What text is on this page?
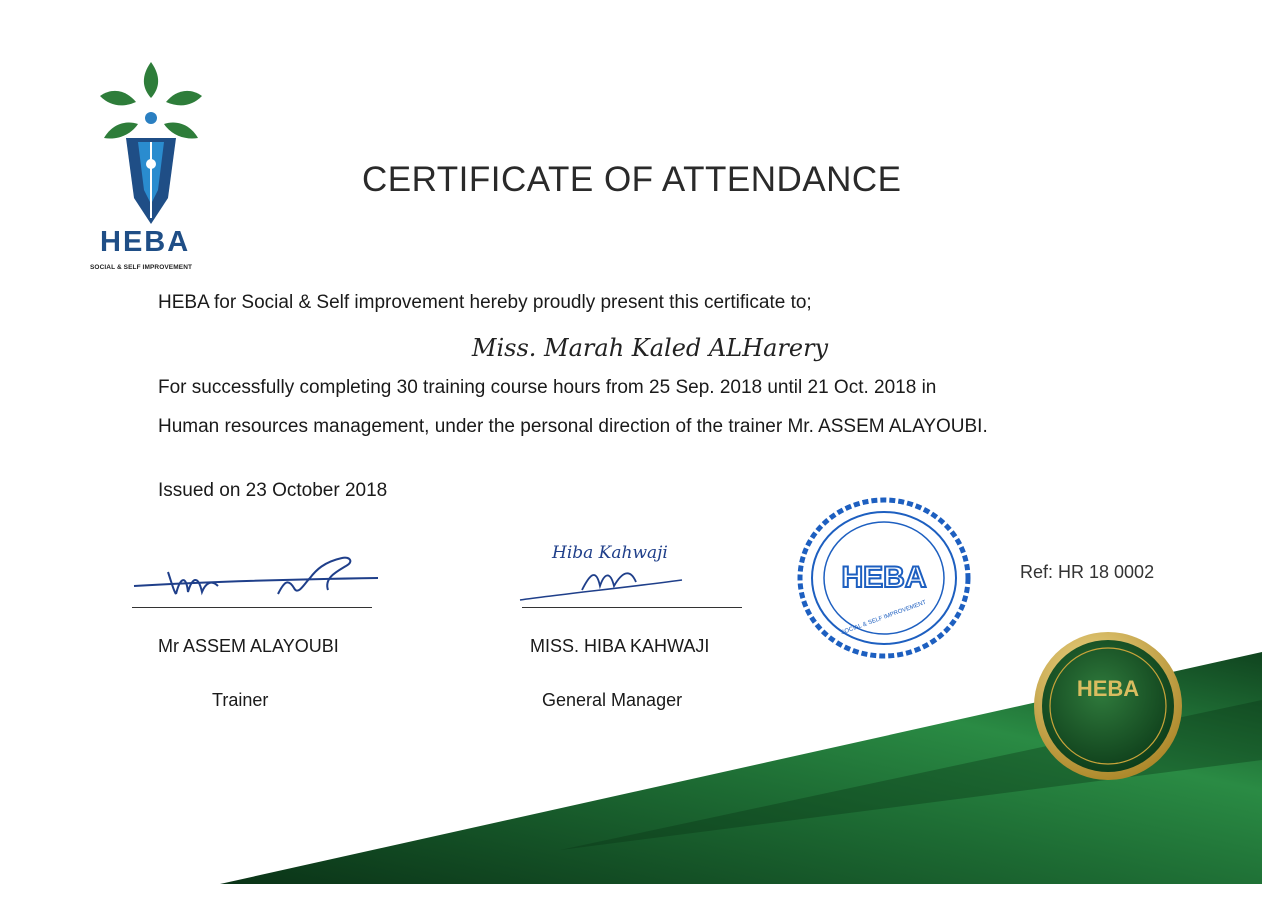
HEBA
SOCIAL & SELF IMPROVEMENT
CERTIFICATE OF ATTENDANCE
HEBA for Social & Self improvement hereby proudly present this certificate to;
Miss. Marah Kaled ALHarery
For successfully completing 30 training course hours from 25 Sep. 2018 until 21 Oct. 2018 in
Human resources management, under the personal direction of the trainer Mr. ASSEM ALAYOUBI.
Issued on 23 October 2018
Mr ASSEM ALAYOUBI
Trainer
Hiba Kahwaji
MISS. HIBA KAHWAJI
General Manager
HEBA
SOCIAL & SELF IMPROVEMENT
Ref: HR 18 0002
HEBA
